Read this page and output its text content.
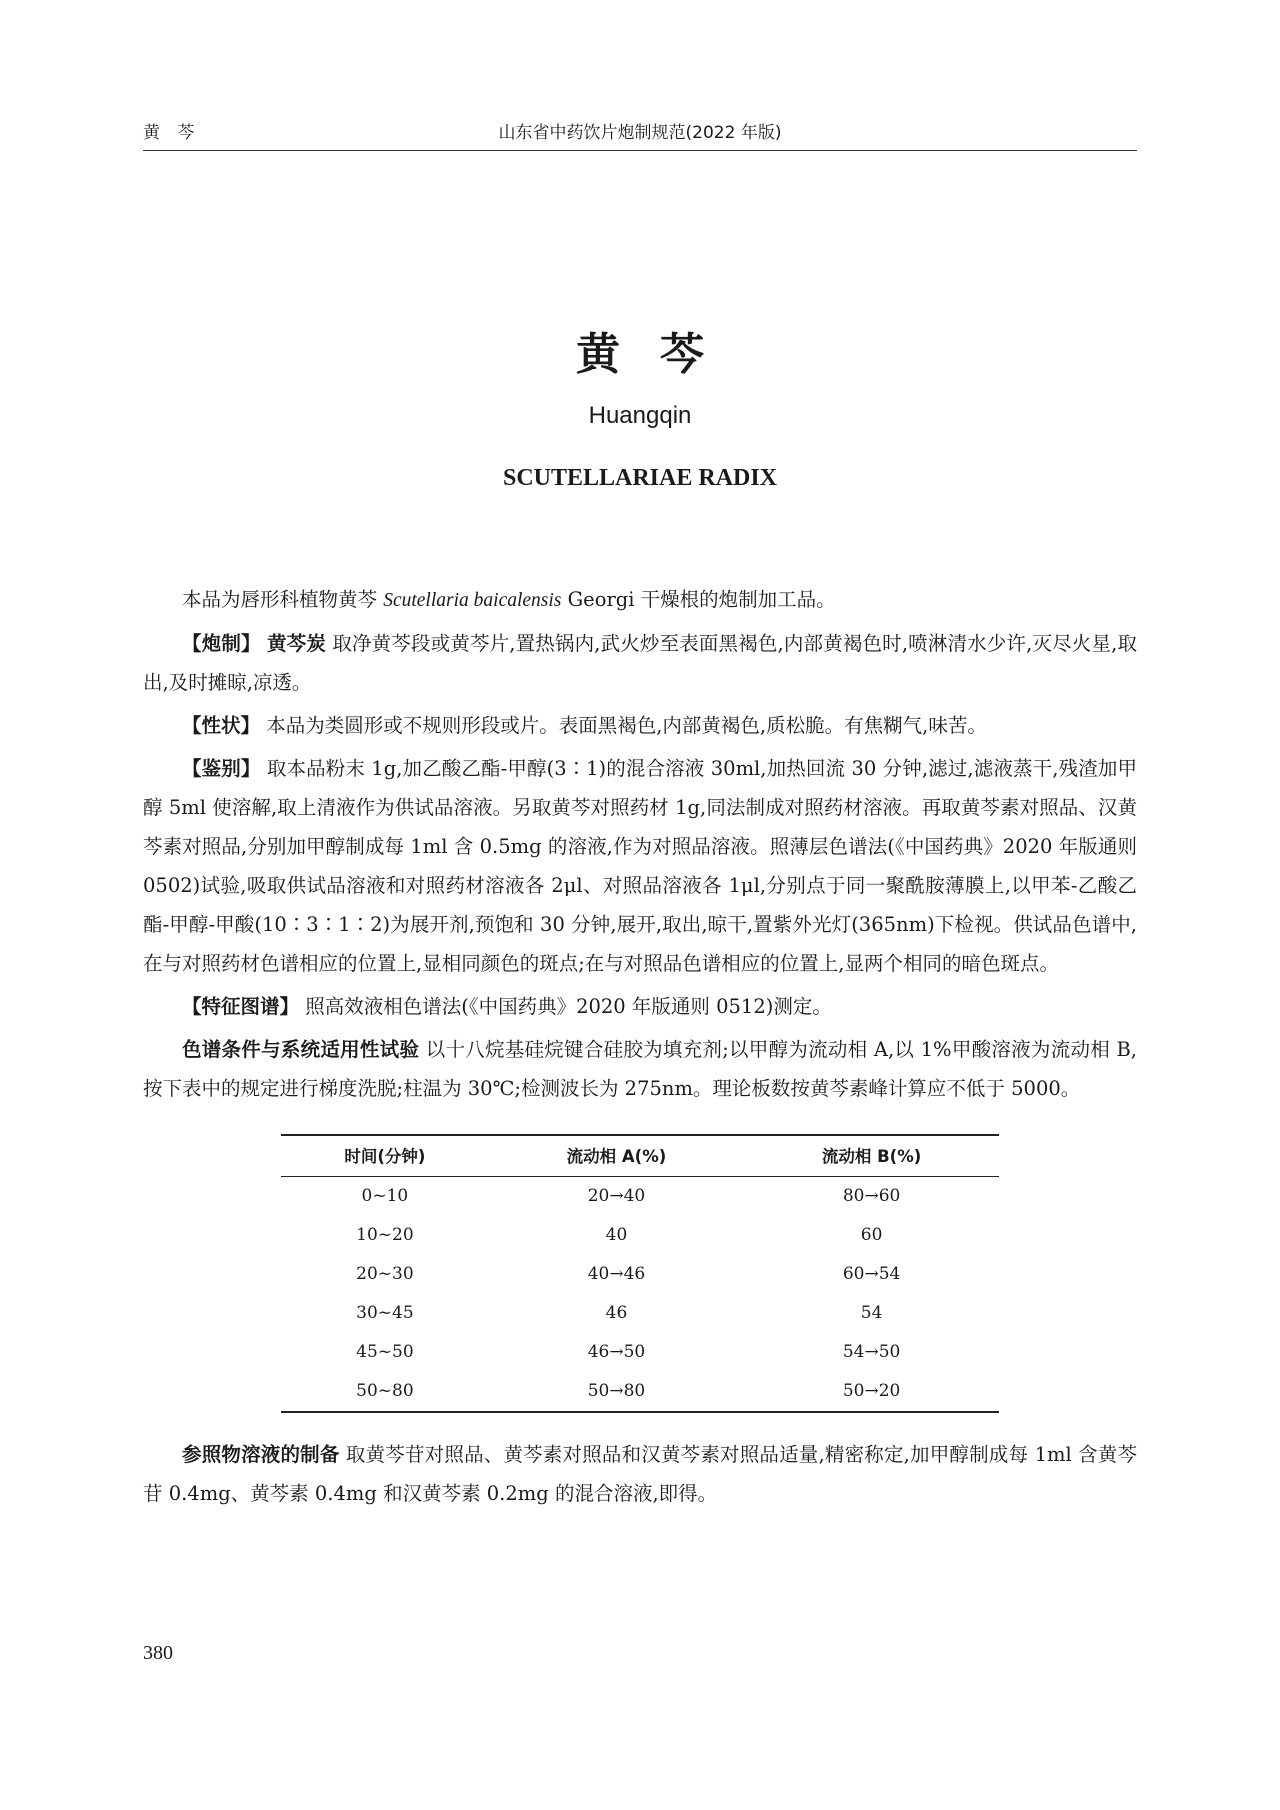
黄 芩	山东省中药饮片炮制规范(2022 年版)
黄芩
Huangqin
SCUTELLARIAE RADIX

本品为唇形科植物黄芩 Scutellaria baicalensis Georgi 干燥根的炮制加工品。

【炮制】 黄芩炭 取净黄芩段或黄芩片,置热锅内,武火炒至表面黑褐色,内部黄褐色时,喷淋清水少许,灭尽火星,取出,及时摊晾,凉透。

【性状】 本品为类圆形或不规则形段或片。表面黑褐色,内部黄褐色,质松脆。有焦糊气,味苦。

【鉴别】 取本品粉末 1g,加乙酸乙酯-甲醇(3∶1)的混合溶液 30ml,加热回流 30 分钟,滤过,滤液蒸干,残渣加甲醇 5ml 使溶解,取上清液作为供试品溶液。另取黄芩对照药材 1g,同法制成对照药材溶液。再取黄芩素对照品、汉黄芩素对照品,分别加甲醇制成每 1ml 含 0.5mg 的溶液,作为对照品溶液。照薄层色谱法(《中国药典》2020 年版通则 0502)试验,吸取供试品溶液和对照药材溶液各 2μl、对照品溶液各 1μl,分别点于同一聚酰胺薄膜上,以甲苯-乙酸乙酯-甲醇-甲酸(10∶3∶1∶2)为展开剂,预饱和 30 分钟,展开,取出,晾干,置紫外光灯(365nm)下检视。供试品色谱中,在与对照药材色谱相应的位置上,显相同颜色的斑点;在与对照品色谱相应的位置上,显两个相同的暗色斑点。

【特征图谱】 照高效液相色谱法(《中国药典》2020 年版通则 0512)测定。

色谱条件与系统适用性试验 以十八烷基硅烷键合硅胶为填充剂;以甲醇为流动相 A,以 1%甲酸溶液为流动相 B,按下表中的规定进行梯度洗脱;柱温为 30℃;检测波长为 275nm。理论板数按黄芩素峰计算应不低于 5000。

时间(分钟)	流动相 A(%)	流动相 B(%)
0~10	20→40	80→60
10~20	40	60
20~30	40→46	60→54
30~45	46	54
45~50	46→50	54→50
50~80	50→80	50→20

参照物溶液的制备 取黄芩苷对照品、黄芩素对照品和汉黄芩素对照品适量,精密称定,加甲醇制成每 1ml 含黄芩苷 0.4mg、黄芩素 0.4mg 和汉黄芩素 0.2mg 的混合溶液,即得。

380
